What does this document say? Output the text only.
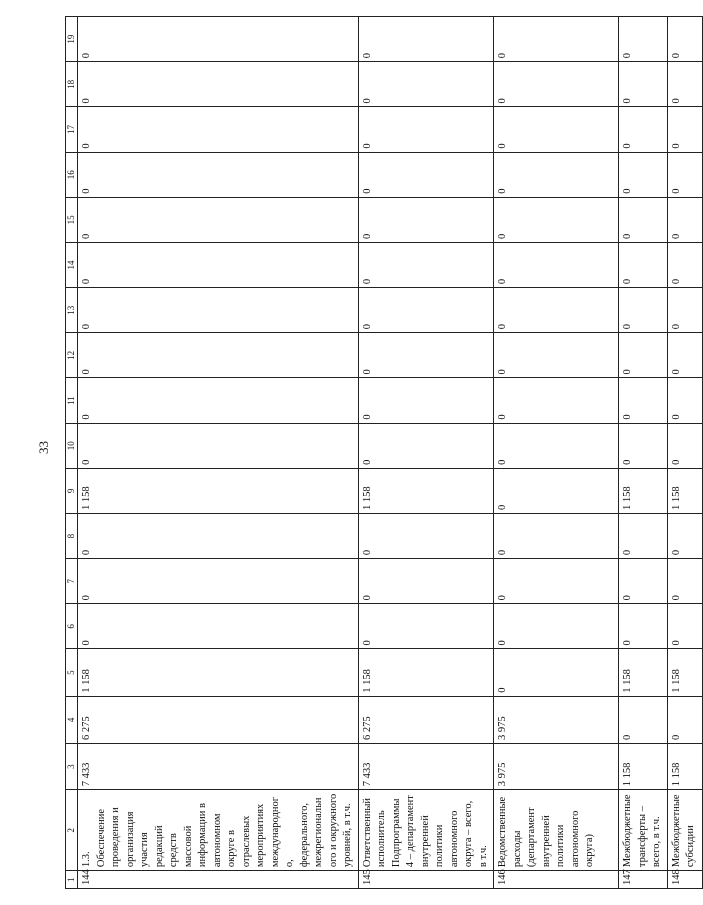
33
1	2	3	4	5	6	7	8	9	10	11	12	13	14	15	16	17	18	19
144	1.3. Обеспечение проведения и организация участия редакций средств массовой информации в автономном округе в отраслевых мероприятиях международного, федерального, межрегионального и окружного уровней, в т.ч.	7 433	6 275	1 158	0	0	0	1 158	0	0	0	0	0	0	0	0	0	0
145	Ответственный исполнитель Подпрограммы 4 – департамент внутренней политики автономного округа – всего, в т.ч.	7 433	6 275	1 158	0	0	0	1 158	0	0	0	0	0	0	0	0	0	0
146	Ведомственные расходы (департамент внутренней политики автономного округа)	3 975	3 975	0	0	0	0	0	0	0	0	0	0	0	0	0	0	0
147	Межбюджетные трансферты – всего, в т.ч.	1 158	0	1 158	0	0	0	1 158	0	0	0	0	0	0	0	0	0	0
148	Межбюджетные субсидии	1 158	0	1 158	0	0	0	1 158	0	0	0	0	0	0	0	0	0	0
